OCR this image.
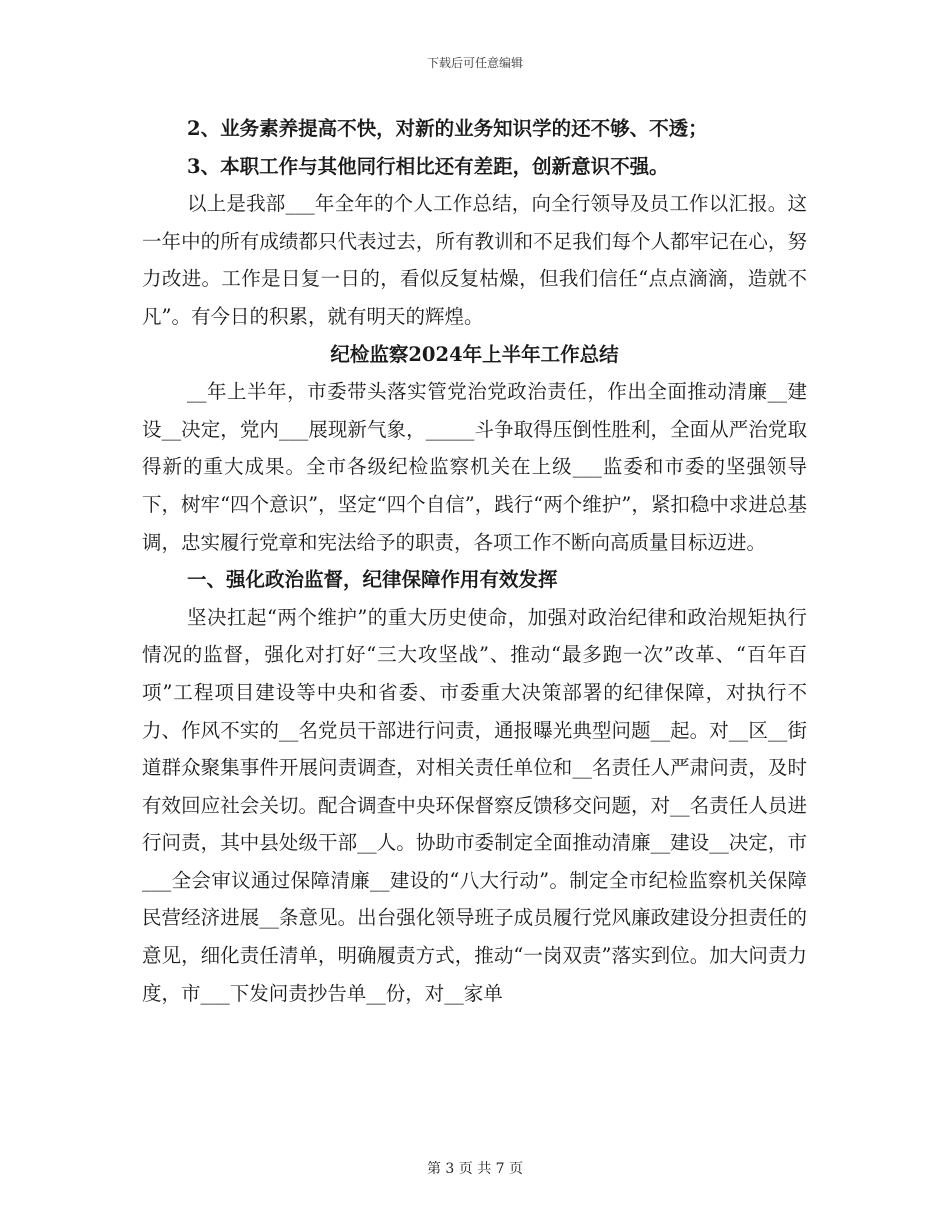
下载后可任意编辑

2、业务素养提高不快，对新的业务知识学的还不够、不透；

3、本职工作与其他同行相比还有差距，创新意识不强。

以上是我部___年全年的个人工作总结，向全行领导及员工作以汇报。这一年中的所有成绩都只代表过去，所有教训和不足我们每个人都牢记在心，努力改进。工作是日复一日的，看似反复枯燥，但我们信任“点点滴滴，造就不凡”。有今日的积累，就有明天的辉煌。

纪检监察2024年上半年工作总结

__年上半年，市委带头落实管党治党政治责任，作出全面推动清廉__建设__决定，党内___展现新气象，_____斗争取得压倒性胜利，全面从严治党取得新的重大成果。全市各级纪检监察机关在上级___监委和市委的坚强领导下，树牢“四个意识”，坚定“四个自信”，践行“两个维护”，紧扣稳中求进总基调，忠实履行党章和宪法给予的职责，各项工作不断向高质量目标迈进。

一、强化政治监督，纪律保障作用有效发挥

坚决扛起“两个维护”的重大历史使命，加强对政治纪律和政治规矩执行情况的监督，强化对打好“三大攻坚战”、推动“最多跑一次”改革、“百年百项”工程项目建设等中央和省委、市委重大决策部署的纪律保障，对执行不力、作风不实的__名党员干部进行问责，通报曝光典型问题__起。对__区__街道群众聚集事件开展问责调查，对相关责任单位和__名责任人严肃问责，及时有效回应社会关切。配合调查中央环保督察反馈移交问题，对__名责任人员进行问责，其中县处级干部__人。协助市委制定全面推动清廉__建设__决定，市___全会审议通过保障清廉__建设的“八大行动”。制定全市纪检监察机关保障民营经济进展__条意见。出台强化领导班子成员履行党风廉政建设分担责任的意见，细化责任清单，明确履责方式，推动“一岗双责”落实到位。加大问责力度，市___下发问责抄告单__份，对__家单

第 3 页 共 7 页
